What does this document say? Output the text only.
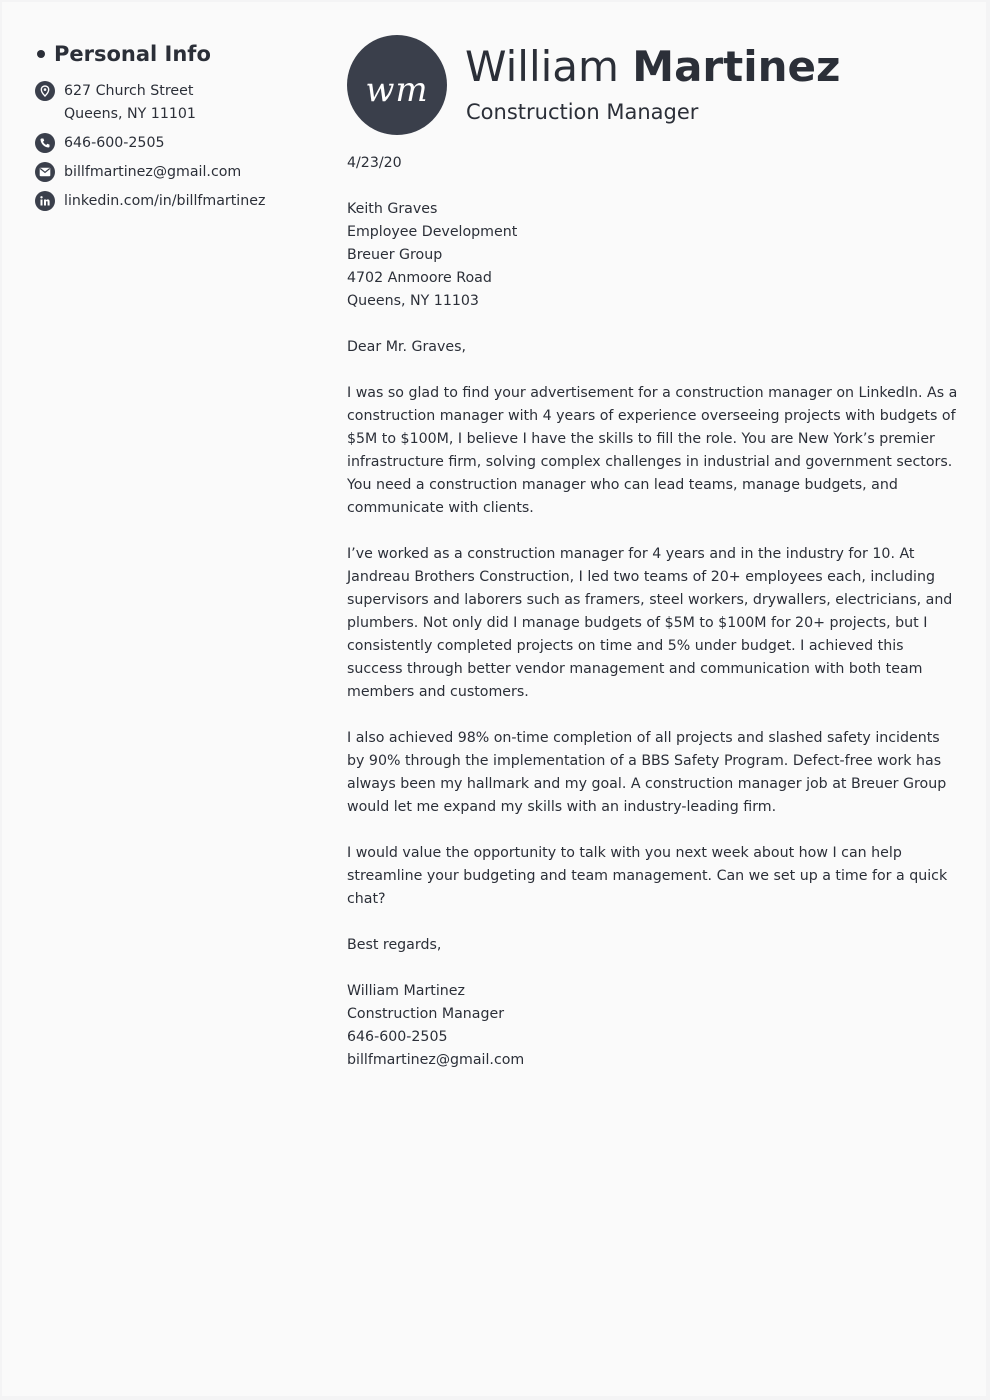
Personal Info
627 Church Street
Queens, NY 11101
646-600-2505
billfmartinez@gmail.com
linkedin.com/in/billfmartinez
wm William Martinez
Construction Manager
4/23/20
Keith Graves
Employee Development
Breuer Group
4702 Anmoore Road
Queens, NY 11103
Dear Mr. Graves,

I was so glad to find your advertisement for a construction manager on LinkedIn. As a construction manager with 4 years of experience overseeing projects with budgets of $5M to $100M, I believe I have the skills to fill the role. You are New York’s premier infrastructure firm, solving complex challenges in industrial and government sectors. You need a construction manager who can lead teams, manage budgets, and communicate with clients.

I’ve worked as a construction manager for 4 years and in the industry for 10. At Jandreau Brothers Construction, I led two teams of 20+ employees each, including supervisors and laborers such as framers, steel workers, drywallers, electricians, and plumbers. Not only did I manage budgets of $5M to $100M for 20+ projects, but I consistently completed projects on time and 5% under budget. I achieved this success through better vendor management and communication with both team members and customers.

I also achieved 98% on-time completion of all projects and slashed safety incidents by 90% through the implementation of a BBS Safety Program. Defect-free work has always been my hallmark and my goal. A construction manager job at Breuer Group would let me expand my skills with an industry-leading firm.

I would value the opportunity to talk with you next week about how I can help streamline your budgeting and team management. Can we set up a time for a quick chat?

Best regards,
William Martinez
Construction Manager
646-600-2505
billfmartinez@gmail.com
